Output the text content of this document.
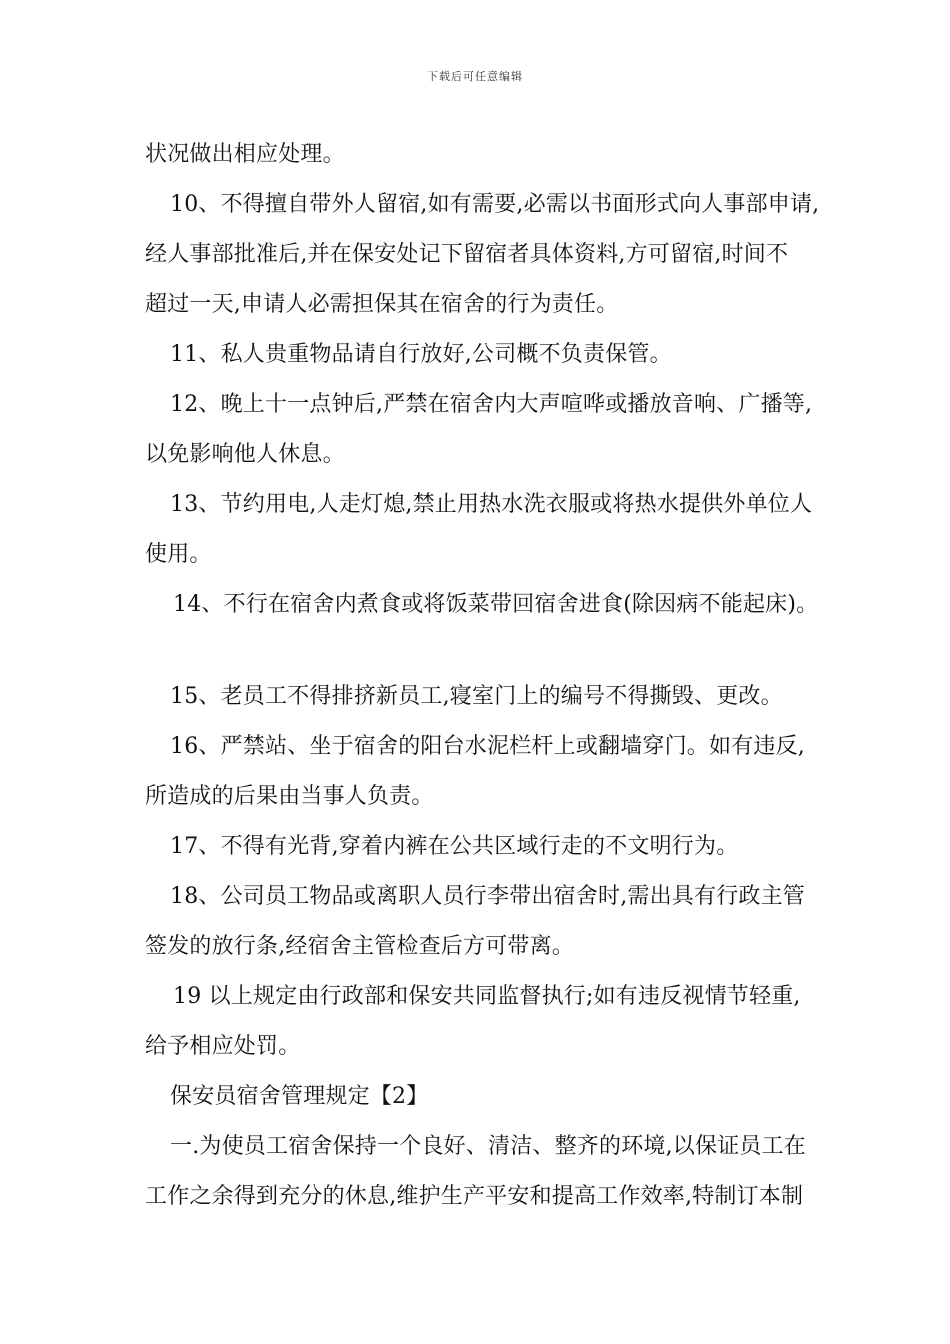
下载后可任意编辑
状况做出相应处理。
10、不得擅自带外人留宿,如有需要,必需以书面形式向人事部申请,
经人事部批准后,并在保安处记下留宿者具体资料,方可留宿,时间不
超过一天,申请人必需担保其在宿舍的行为责任。
11、私人贵重物品请自行放好,公司概不负责保管。
12、晚上十一点钟后,严禁在宿舍内大声喧哗或播放音响、广播等,
以免影响他人休息。
13、节约用电,人走灯熄,禁止用热水洗衣服或将热水提供外单位人
使用。
14、不行在宿舍内煮食或将饭菜带回宿舍进食(除因病不能起床)。
15、老员工不得排挤新员工,寝室门上的编号不得撕毁、更改。
16、严禁站、坐于宿舍的阳台水泥栏杆上或翻墙穿门。如有违反,
所造成的后果由当事人负责。
17、不得有光背,穿着内裤在公共区域行走的不文明行为。
18、公司员工物品或离职人员行李带出宿舍时,需出具有行政主管
签发的放行条,经宿舍主管检查后方可带离。
19 以上规定由行政部和保安共同监督执行;如有违反视情节轻重,
给予相应处罚。
保安员宿舍管理规定【2】
一.为使员工宿舍保持一个良好、清洁、整齐的环境,以保证员工在
工作之余得到充分的休息,维护生产平安和提高工作效率,特制订本制
